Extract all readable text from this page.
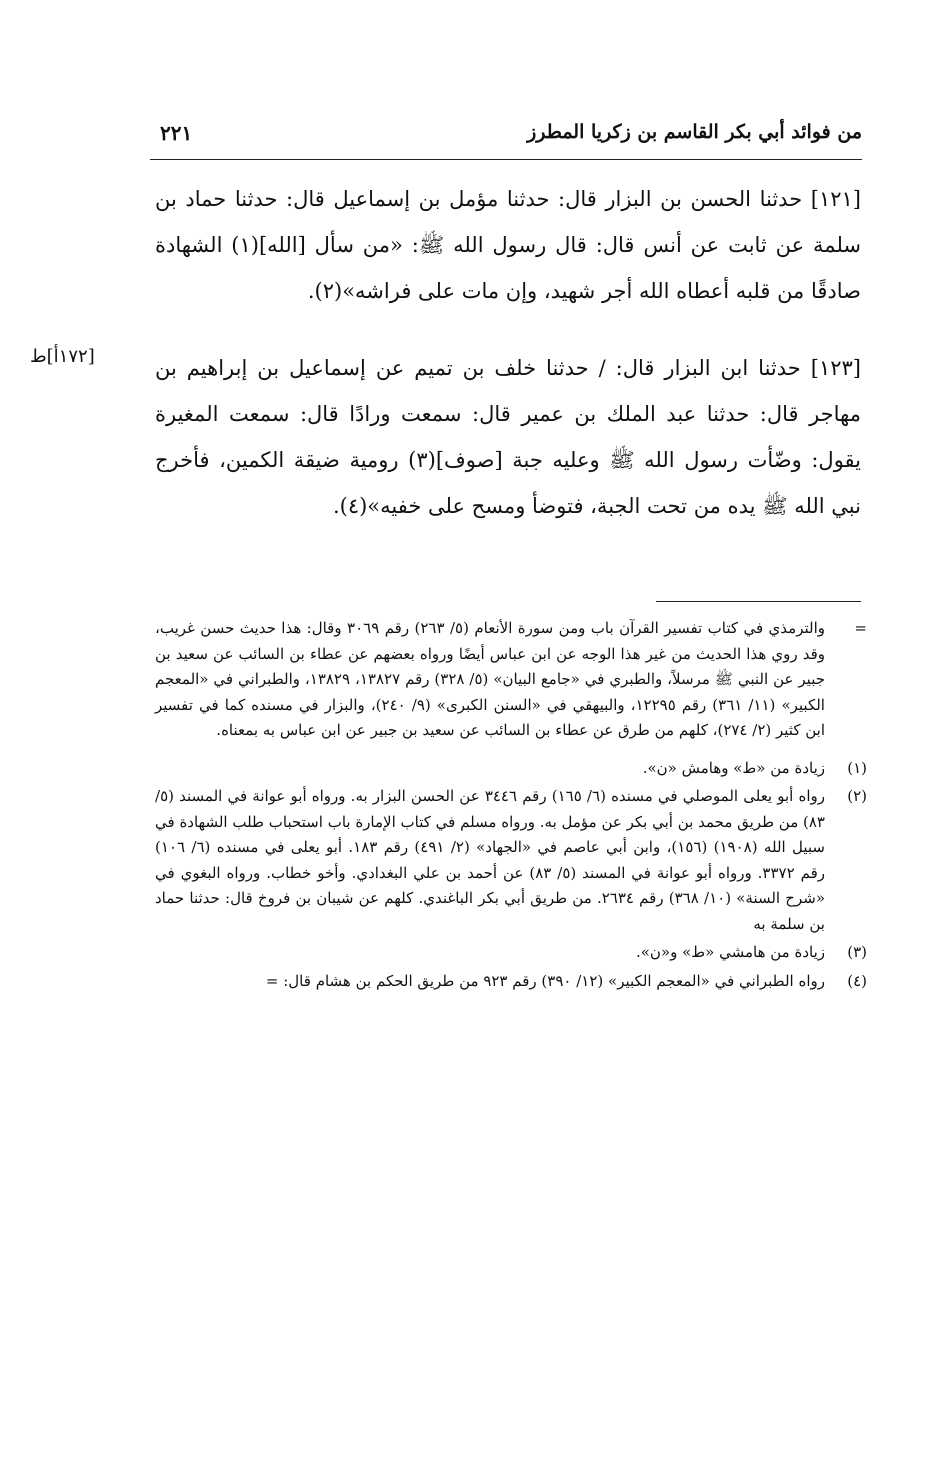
من فوائد أبي بكر القاسم بن زكريا المطرز
٢٢١

[١٢١] حدثنا الحسن بن البزار قال: حدثنا مؤمل بن إسماعيل قال: حدثنا حماد بن سلمة عن ثابت عن أنس قال: قال رسول الله ﷺ: «من سأل [الله](١) الشهادة صادقًا من قلبه أعطاه الله أجر شهيد، وإن مات على فراشه»(٢).

[١٧٢أ]ط	[١٢٣] حدثنا ابن البزار قال: / حدثنا خلف بن تميم عن إسماعيل بن إبراهيم بن مهاجر قال: حدثنا عبد الملك بن عمير قال: سمعت ورادًا قال: سمعت المغيرة يقول: وضّأت رسول الله ﷺ وعليه جبة [صوف](٣) رومية ضيقة الكمين، فأخرج نبي الله ﷺ يده من تحت الجبة، فتوضأ ومسح على خفيه»(٤).

=
والترمذي في كتاب تفسير القرآن باب ومن سورة الأنعام (٥/ ٢٦٣) رقم ٣٠٦٩ وقال: هذا حديث حسن غريب، وقد روي هذا الحديث من غير هذا الوجه عن ابن عباس أيضًا ورواه بعضهم عن عطاء بن السائب عن سعيد بن جبير عن النبي ﷺ مرسلاً، والطبري في «جامع البيان» (٥/ ٣٢٨) رقم ١٣٨٢٧، ١٣٨٢٩، والطبراني في «المعجم الكبير» (١١/ ٣٦١) رقم ١٢٢٩٥، والبيهقي في «السنن الكبرى» (٩/ ٢٤٠)، والبزار في مسنده كما في تفسير ابن كثير (٢/ ٢٧٤)، كلهم من طرق عن عطاء بن السائب عن سعيد بن جبير عن ابن عباس به بمعناه.
(١)
زيادة من «ط» وهامش «ن».
(٢)
رواه أبو يعلى الموصلي في مسنده (٦/ ١٦٥) رقم ٣٤٤٦ عن الحسن البزار به. ورواه أبو عوانة في المسند (٥/ ٨٣) من طريق محمد بن أبي بكر عن مؤمل به. ورواه مسلم في كتاب الإمارة باب استحباب طلب الشهادة في سبيل الله (١٩٠٨) (١٥٦)، وابن أبي عاصم في «الجهاد» (٢/ ٤٩١) رقم ١٨٣. أبو يعلى في مسنده (٦/ ١٠٦) رقم ٣٣٧٢. ورواه أبو عوانة في المسند (٥/ ٨٣) عن أحمد بن علي البغدادي. وأخو خطاب. ورواه البغوي في «شرح السنة» (١٠/ ٣٦٨) رقم ٢٦٣٤. من طريق أبي بكر الباغندي. كلهم عن شيبان بن فروخ قال: حدثنا حماد بن سلمة به
(٣)
زيادة من هامشي «ط» و«ن».
(٤)
رواه الطبراني في «المعجم الكبير» (١٢/ ٣٩٠) رقم ٩٢٣ من طريق الحكم بن هشام قال: =
